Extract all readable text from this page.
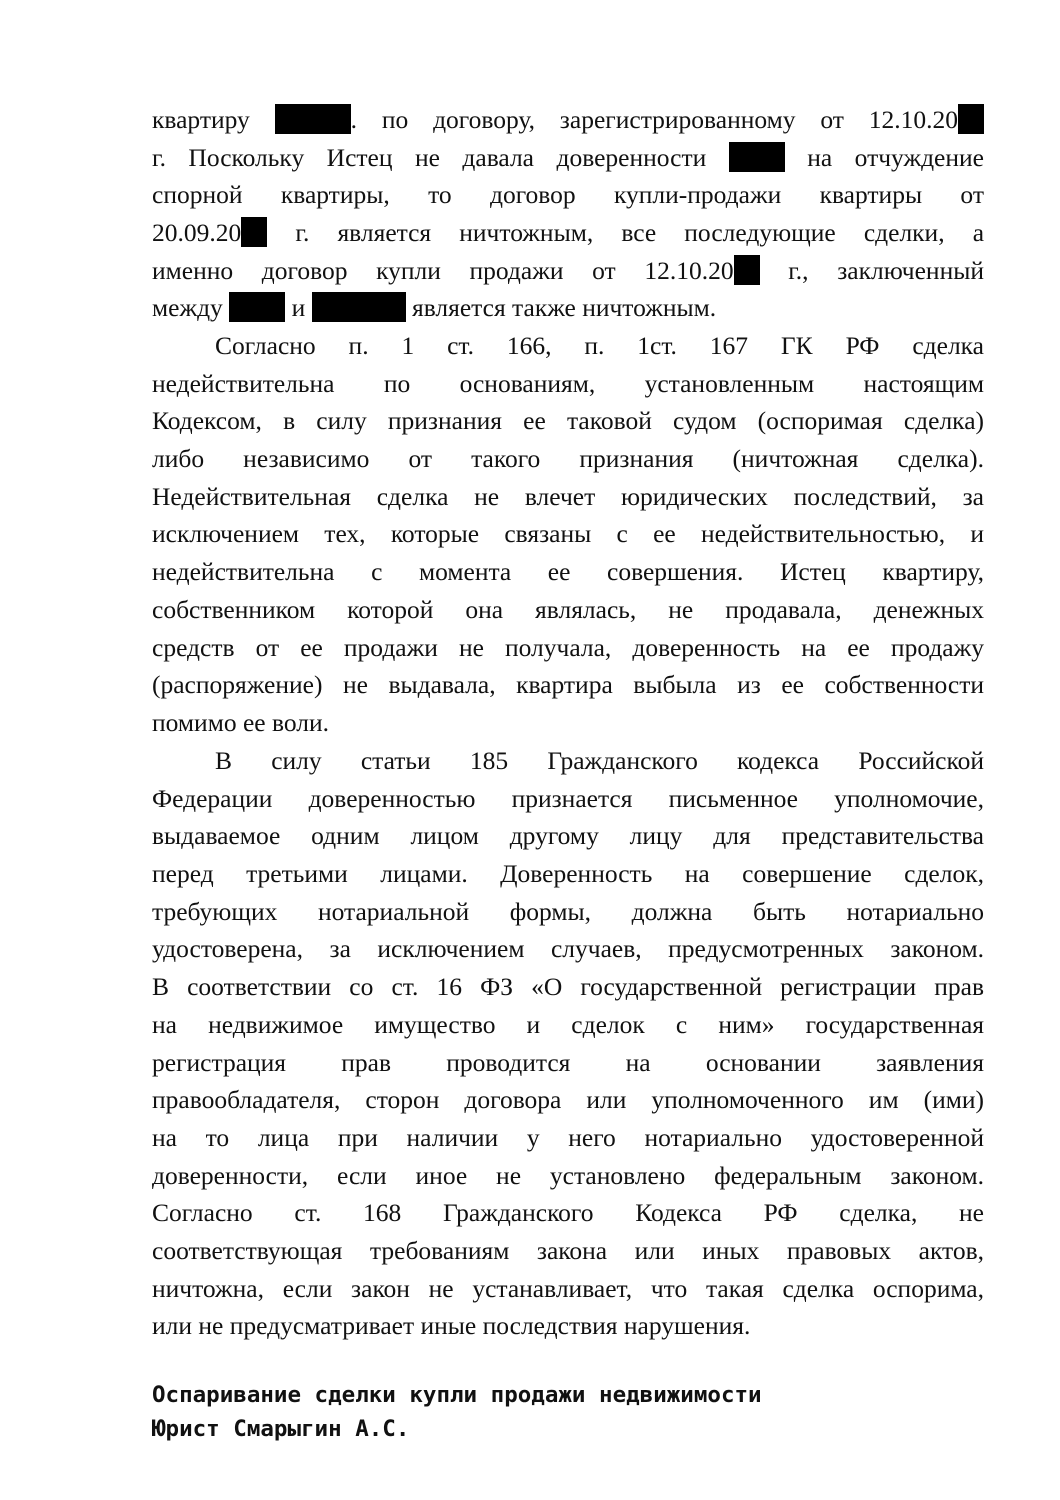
квартиру	. по договору, зарегистрированному от 12.10.20
г. Поскольку Истец не давала доверенности	на отчуждение
спорной квартиры, то договор купли-продажи квартиры от
20.09.20 г. является ничтожным, все последующие сделки, а
именно договор купли продажи от 12.10.20 г., заключенный
между	и	является также ничтожным.
Согласно п. 1 ст. 166, п. 1ст. 167 ГК РФ сделка
недействительна по основаниям, установленным настоящим
Кодексом, в силу признания ее таковой судом (оспоримая сделка)
либо независимо от такого признания (ничтожная сделка).
Недействительная сделка не влечет юридических последствий, за
исключением тех, которые связаны с ее недействительностью, и
недействительна с момента ее совершения. Истец квартиру,
собственником которой она являлась, не продавала, денежных
средств от ее продажи не получала, доверенность на ее продажу
(распоряжение) не выдавала, квартира выбыла из ее собственности
помимо ее воли.
В силу статьи 185 Гражданского кодекса Российской
Федерации доверенностью признается письменное уполномочие,
выдаваемое одним лицом другому лицу для представительства
перед третьими лицами. Доверенность на совершение сделок,
требующих нотариальной формы, должна быть нотариально
удостоверена, за исключением случаев, предусмотренных законом.
В соответствии со ст. 16 ФЗ «О государственной регистрации прав
на недвижимое имущество и сделок с ним» государственная
регистрация прав проводится на основании заявления
правообладателя, сторон договора или уполномоченного им (ими)
на то лица при наличии у него нотариально удостоверенной
доверенности, если иное не установлено федеральным законом.
Согласно ст. 168 Гражданского Кодекса РФ сделка, не
соответствующая требованиям закона или иных правовых актов,
ничтожна, если закон не устанавливает, что такая сделка оспорима,
или не предусматривает иные последствия нарушения.
Оспаривание сделки купли продажи недвижимости
Юрист Смарыгин А.С.
